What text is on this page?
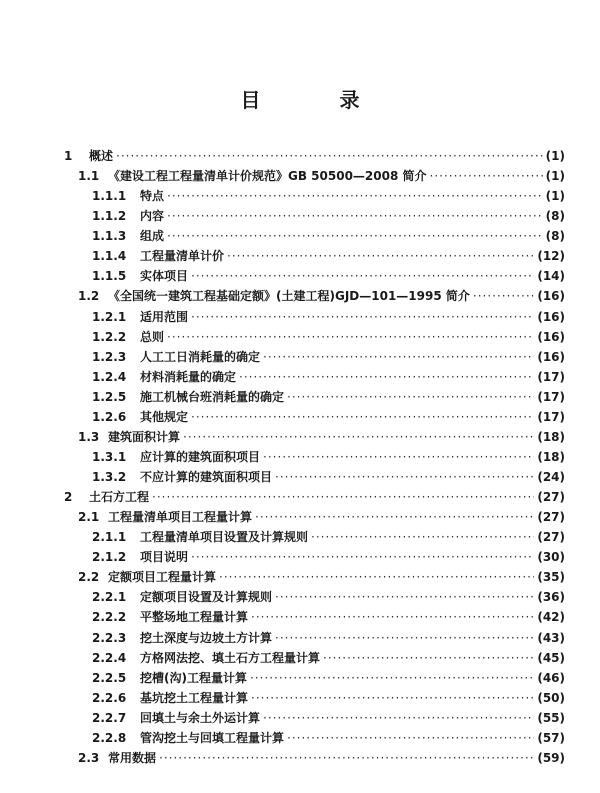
目 录
1	概述 ·····	(1)
1.1 《建设工程工程量清单计价规范》GB 50500—2008 简介 ·····	(1)
1.1.1	特点 ·····	(1)
1.1.2	内容 ·····	(8)
1.1.3	组成 ·····	(8)
1.1.4	工程量清单计价 ·····	(12)
1.1.5	实体项目 ·····	(14)
1.2 《全国统一建筑工程基础定额》(土建工程)GJD—101—1995 简介 ·····	(16)
1.2.1	适用范围 ·····	(16)
1.2.2	总则 ·····	(16)
1.2.3	人工工日消耗量的确定 ·····	(16)
1.2.4	材料消耗量的确定 ·····	(17)
1.2.5	施工机械台班消耗量的确定 ·····	(17)
1.2.6	其他规定 ·····	(17)
1.3 建筑面积计算 ·····	(18)
1.3.1	应计算的建筑面积项目 ·····	(18)
1.3.2	不应计算的建筑面积项目 ·····	(24)
2	土石方工程 ·····	(27)
2.1 工程量清单项目工程量计算 ·····	(27)
2.1.1	工程量清单项目设置及计算规则 ·····	(27)
2.1.2	项目说明 ·····	(30)
2.2 定额项目工程量计算 ·····	(35)
2.2.1	定额项目设置及计算规则 ·····	(36)
2.2.2	平整场地工程量计算 ·····	(42)
2.2.3	挖土深度与边坡土方计算 ·····	(43)
2.2.4	方格网法挖、填土石方工程量计算 ·····	(45)
2.2.5	挖槽(沟)工程量计算 ·····	(46)
2.2.6	基坑挖土工程量计算 ·····	(50)
2.2.7	回填土与余土外运计算 ·····	(55)
2.2.8	管沟挖土与回填工程量计算 ·····	(57)
2.3 常用数据 ·····	(59)
